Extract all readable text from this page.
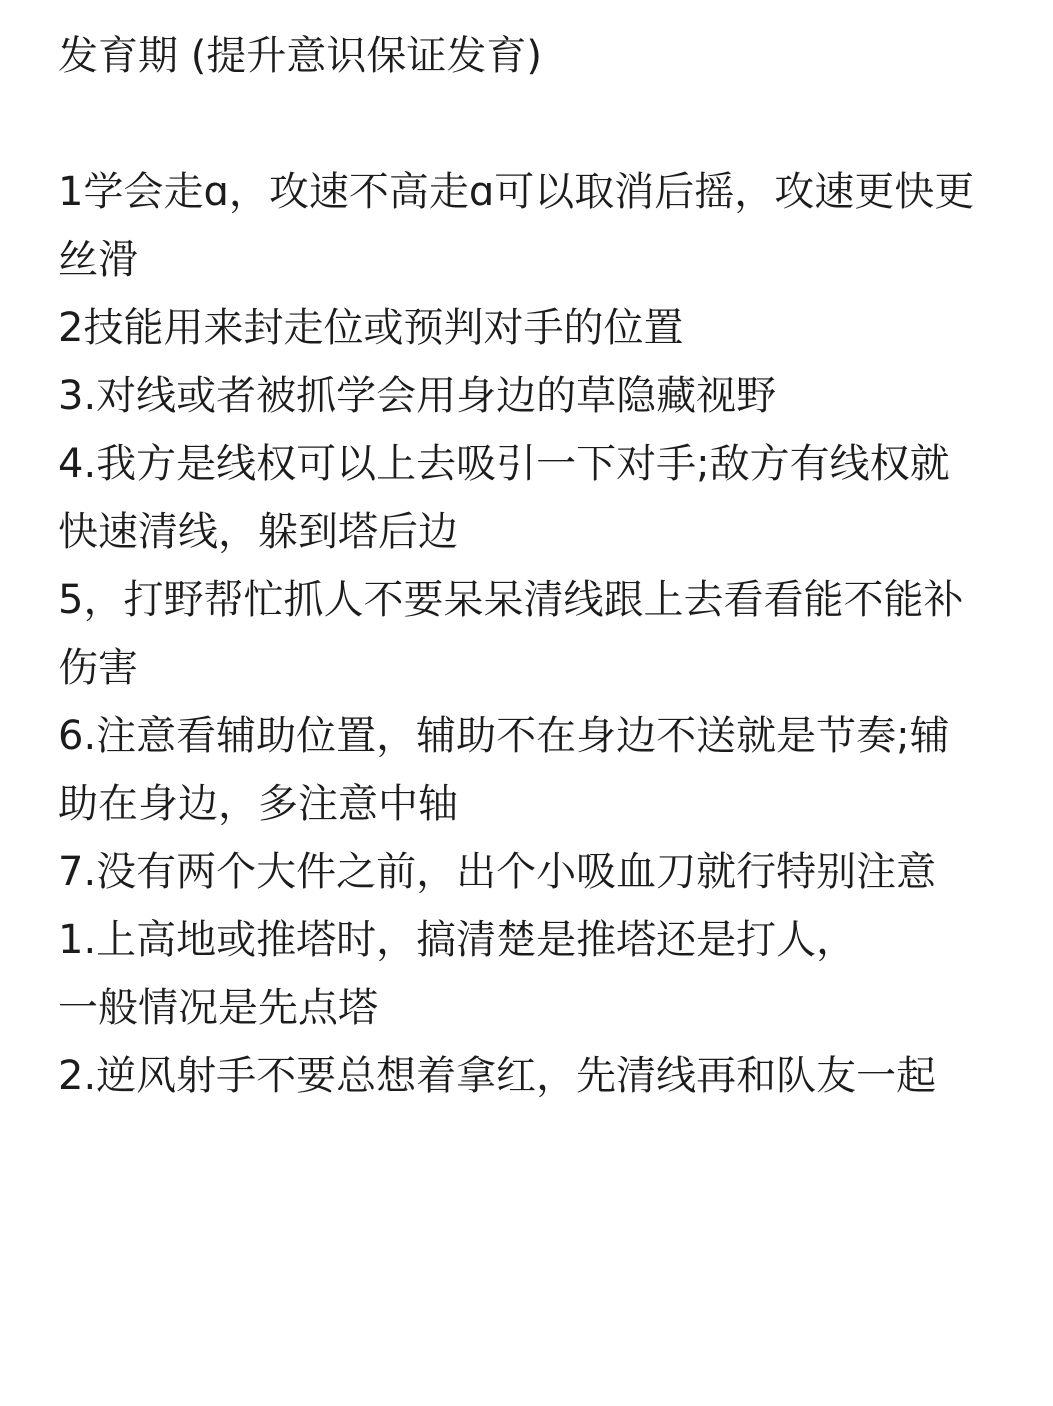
发育期 (提升意识保证发育)

1学会走ɑ，攻速不高走ɑ可以取消后摇，攻速更快更丝滑

2技能用来封走位或预判对手的位置

3.对线或者被抓学会用身边的草隐藏视野

4.我方是线权可以上去吸引一下对手;敌方有线权就快速清线，躲到塔后边

5，打野帮忙抓人不要呆呆清线跟上去看看能不能补伤害

6.注意看辅助位置，辅助不在身边不送就是节奏;辅助在身边，多注意中轴

7.没有两个大件之前，出个小吸血刀就行特别注意

1.上高地或推塔时，搞清楚是推塔还是打人，

一般情况是先点塔

2.逆风射手不要总想着拿红，先清线再和队友一起
